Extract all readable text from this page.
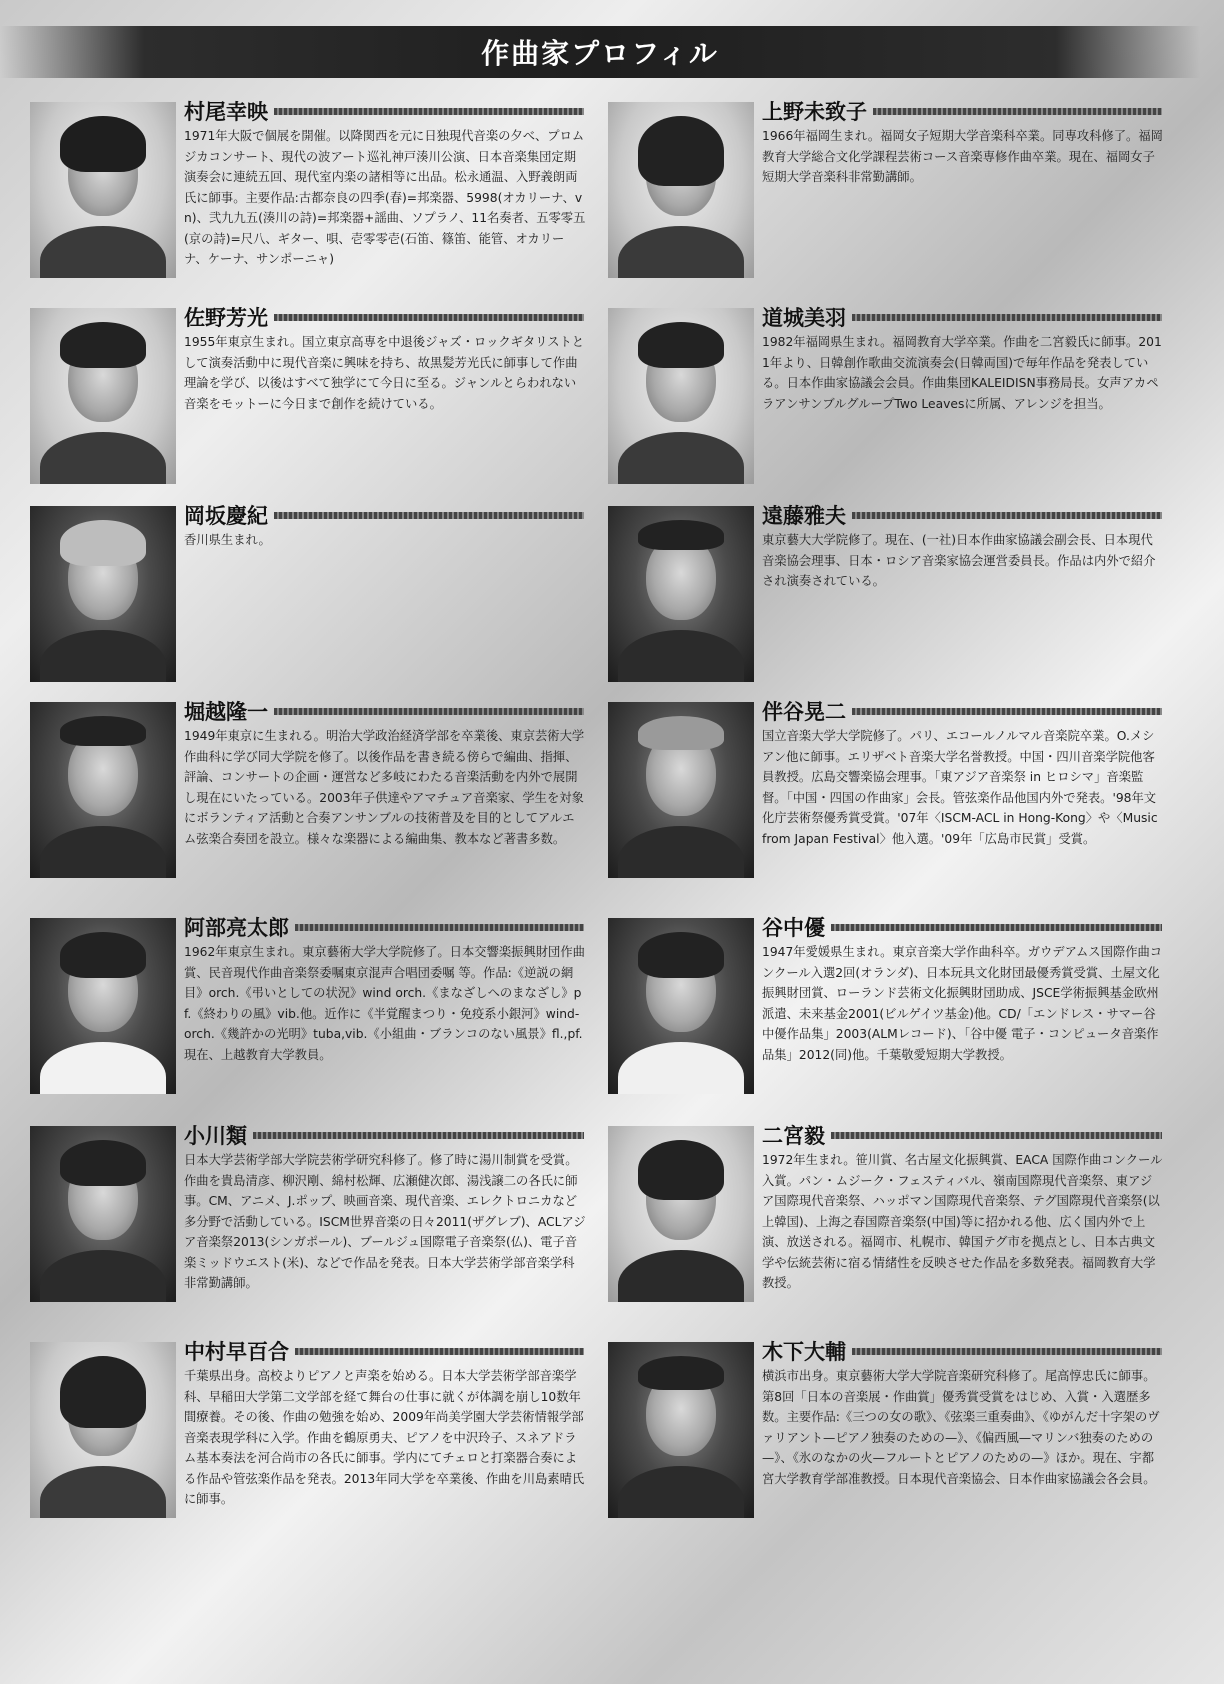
作曲家プロフィル
村尾幸映

1971年大阪で個展を開催。以降関西を元に日独現代音楽の夕べ、プロムジカコンサート、現代の波アート巡礼神戸湊川公演、日本音楽集団定期演奏会に連続五回、現代室内楽の諸相等に出品。松永通温、入野義朗両氏に師事。主要作品:古都奈良の四季(春)=邦楽器、5998(オカリーナ、vn)、弐九九五(湊川の詩)=邦楽器+謡曲、ソプラノ、11名奏者、五零零五(京の詩)=尺八、ギター、唄、壱零零壱(石笛、篠笛、能管、オカリーナ、ケーナ、サンポーニャ)

佐野芳光

1955年東京生まれ。国立東京高専を中退後ジャズ・ロックギタリストとして演奏活動中に現代音楽に興味を持ち、故黒髪芳光氏に師事して作曲理論を学び、以後はすべて独学にて今日に至る。ジャンルとらわれない音楽をモットーに今日まで創作を続けている。

岡坂慶紀

香川県生まれ。

堀越隆一

1949年東京に生まれる。明治大学政治経済学部を卒業後、東京芸術大学作曲科に学び同大学院を修了。以後作品を書き続る傍らで編曲、指揮、評論、コンサートの企画・運営など多岐にわたる音楽活動を内外で展開し現在にいたっている。2003年子供達やアマチュア音楽家、学生を対象にボランティア活動と合奏アンサンブルの技術普及を目的としてアルエム弦楽合奏団を設立。様々な楽器による編曲集、教本など著書多数。

阿部亮太郎

1962年東京生まれ。東京藝術大学大学院修了。日本交響楽振興財団作曲賞、民音現代作曲音楽祭委嘱東京混声合唱団委嘱 等。作品:《逆説の網目》orch.《弔いとしての状況》wind orch.《まなざしへのまなざし》pf.《終わりの風》vib.他。近作に《半覚醒まつり・免疫系小銀河》wind-orch.《幾許かの光明》tuba,vib.《小組曲・ブランコのない風景》fl.,pf.現在、上越教育大学教員。

小川類

日本大学芸術学部大学院芸術学研究科修了。修了時に湯川制賞を受賞。作曲を貴島清彦、柳沢剛、綿村松輝、広瀬健次郎、湯浅譲二の各氏に師事。CM、アニメ、J.ポップ、映画音楽、現代音楽、エレクトロニカなど多分野で活動している。ISCM世界音楽の日々2011(ザグレブ)、ACLアジア音楽祭2013(シンガポール)、ブールジュ国際電子音楽祭(仏)、電子音楽ミッドウエスト(米)、などで作品を発表。日本大学芸術学部音楽学科非常勤講師。

中村早百合

千葉県出身。高校よりピアノと声楽を始める。日本大学芸術学部音楽学科、早稲田大学第二文学部を経て舞台の仕事に就くが体調を崩し10数年間療養。その後、作曲の勉強を始め、2009年尚美学園大学芸術情報学部音楽表現学科に入学。作曲を鶴原勇夫、ピアノを中沢玲子、スネアドラム基本奏法を河合尚市の各氏に師事。学内にてチェロと打楽器合奏による作品や管弦楽作品を発表。2013年同大学を卒業後、作曲を川島素晴氏に師事。

上野未致子

1966年福岡生まれ。福岡女子短期大学音楽科卒業。同専攻科修了。福岡教育大学総合文化学課程芸術コース音楽専修作曲卒業。現在、福岡女子短期大学音楽科非常勤講師。

道城美羽

1982年福岡県生まれ。福岡教育大学卒業。作曲を二宮毅氏に師事。2011年より、日韓創作歌曲交流演奏会(日韓両国)で毎年作品を発表している。日本作曲家協議会会員。作曲集団KALEIDISN事務局長。女声アカペラアンサンブルグループTwo Leavesに所属、アレンジを担当。

遠藤雅夫

東京藝大大学院修了。現在、(一社)日本作曲家協議会副会長、日本現代音楽協会理事、日本・ロシア音楽家協会運営委員長。作品は内外で紹介され演奏されている。

伴谷晃二

国立音楽大学大学院修了。パリ、エコールノルマル音楽院卒業。O.メシアン他に師事。エリザベト音楽大学名誉教授。中国・四川音楽学院他客員教授。広島交響楽協会理事。「東アジア音楽祭 in ヒロシマ」音楽監督。「中国・四国の作曲家」会長。管弦楽作品他国内外で発表。'98年文化庁芸術祭優秀賞受賞。'07年〈ISCM-ACL in Hong-Kong〉や〈Music from Japan Festival〉他入選。'09年「広島市民賞」受賞。

谷中優

1947年愛媛県生まれ。東京音楽大学作曲科卒。ガウデアムス国際作曲コンクール入選2回(オランダ)、日本玩具文化財団最優秀賞受賞、土屋文化振興財団賞、ローランド芸術文化振興財団助成、JSCE学術振興基金欧州派遣、未来基金2001(ビルゲイツ基金)他。CD/「エンドレス・サマー谷中優作品集」2003(ALMレコード)、「谷中優 電子・コンピュータ音楽作品集」2012(同)他。千葉敬愛短期大学教授。

二宮毅

1972年生まれ。笹川賞、名古屋文化振興賞、EACA 国際作曲コンクール入賞。パン・ムジーク・フェスティバル、嶺南国際現代音楽祭、東アジア国際現代音楽祭、ハッポマン国際現代音楽祭、テグ国際現代音楽祭(以上韓国)、上海之春国際音楽祭(中国)等に招かれる他、広く国内外で上演、放送される。福岡市、札幌市、韓国テグ市を拠点とし、日本古典文学や伝統芸術に宿る情緒性を反映させた作品を多数発表。福岡教育大学教授。

木下大輔

横浜市出身。東京藝術大学大学院音楽研究科修了。尾高惇忠氏に師事。第8回「日本の音楽展・作曲賞」優秀賞受賞をはじめ、入賞・入選歴多数。主要作品:《三つの女の歌》、《弦楽三重奏曲》、《ゆがんだ十字架のヴァリアント—ピアノ独奏のための—》、《偏西風—マリンバ独奏のための—》、《氷のなかの火—フルートとピアノのための—》ほか。現在、宇都宮大学教育学部准教授。日本現代音楽協会、日本作曲家協議会各会員。
